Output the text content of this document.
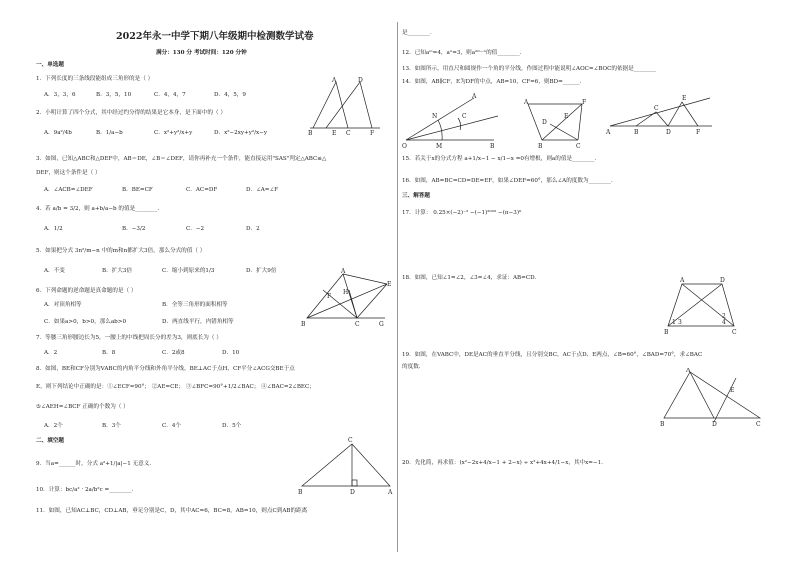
2022年永一中学下期八年级期中检测数学试卷
满分：130 分 考试时间：120 分钟
一、单选题
1．下列长度的三条线段能组成三角形的是（ ）
A．3，3，6	B．3，5，10	C．4，4，7	D．4，5，9
2．小明计算了四个分式，其中经过约分得的结果是它本身，是下面中的（ ）
A．9a²/4b	B．1/a−b	C．x²+y²/x+y	D．x²−2xy+y²/x−y
3．如图，已知△ABC和△DEF中，AB＝DE，∠B＝∠DEF，请你再补充一个条件，能直接运用"SAS"判定△ABC≌△
DEF，则这个条件是（ ）
A．∠ACB=∠DEF	B．BE=CF	C．AC=DF	D．∠A=∠F
4．若 a/b = 3/2，则 a+b/a−b 的值是________．
A．1/2	B．−3/2	C．−2	D．2
5．如果把分式 3n²/m−n 中的m和n都扩大3倍，那么分式的值（ ）
A．不变	B．扩大3倍	C．缩小到原来的1/3	D．扩大9倍
6．下列命题的逆命题是真命题的是（ ）
A．对顶角相等	B．全等三角形的面积相等
C．如果a>0，b>0，那么ab>0	D．两直线平行，内错角相等
7．等腰三角形腰边长为5，一腰上的中线把周长分的差为3，则底长为（ ）
A．2	B．8	C．2或8	D．10
8．如图，BE和CF分别为VABC的内角平分线和外角平分线，BE⊥AC于点H，CF平分∠ACG交BE于点
E，则下列结论中正确的是：①∠ECF=90°； ②AE=CE； ③∠BFC=90°+1/2∠BAC； ④∠BAC=2∠BEC；
⑤∠AEH=∠BCF 正确的个数为（ ）
A．2个	B．3个	C．4个	D．5个
二、填空题
9．当a=______时，分式 a²+1/|a|−1 无意义．
10．计算：bc/a² · 2a/b²c =________．
11．如图，已知AC⊥BC，CD⊥AB，垂足分别是C，D，其中AC=6，BC=8，AB=10，则点C到AB的距离
A	D
B	E C	F
A
E
B	C	G
F
H
C
B	D	A
是________．
12．已知aᵐ=4，aⁿ=3，则a²ᵐ⁻ⁿ的值________．
13．如图所示，用直尺和圆规作一个角的平分线，作图过程中能说明∠AOC=∠BOC的依据是________
14．如图，AB∥CF，E为DF的中点，AB=10，CF=6，则BD=______．
15．若关于x的分式方程 a+1/x−1 − x/1−x =0有增根，则a的值是________．
16．如图，AB=BC=CD=DE=EF，如果∠DEF=60°，那么∠A的度数为________．
三、解答题
17．计算： 0.25×(−2)⁻² −(−1)²⁰²⁰ −(π−3)⁰
18．如图，已知∠1=∠2，∠3=∠4，求证：AB=CD．
19．如图，在VABC中，DE是AC的垂直平分线，且分别交BC，AC于点D、E两点，∠B=60°，∠BAD=70°，求∠BAC
的度数．
20．先化简，再求值：(x²−2x+4/x−1 + 2−x) ÷ x²+4x+4/1−x，其中x=−1．
O	M	B
N	C
A
A	F
D
E
B	C
A	B	D	F
C
E
A	D
B	C
1 3
2
4
A
B	D	C
E
